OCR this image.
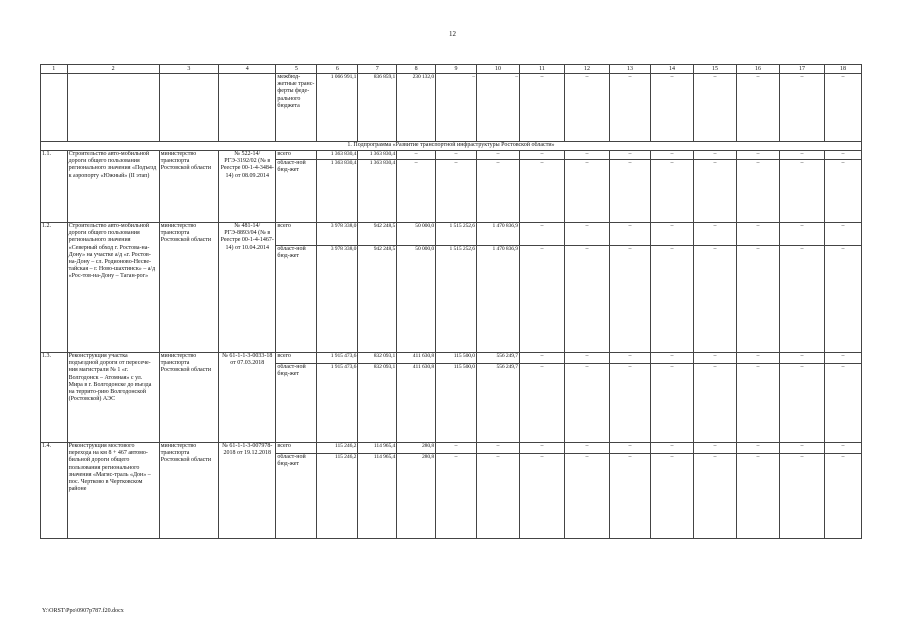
12
1	2	3	4	5	6	7	8	9	10	11	12	13	14	15	16	17	18
				межбюд-жетные транс-ферты феде-рального бюджета	1 066 991,1	836 859,1	230 132,0	–	–	–	–	–	–	–	–	–	–
1. Подпрограмма «Развитие транспортной инфраструктуры Ростовской области»																	
1.1.	Строительство авто-мобильной дороги общего пользования регионального значения «Подъезд к аэропорту «Южный» (II этап)	министерство транспорта Ростовской области	№ 522-14/РГЭ-3192/02 (№ в Реестре 00-1-4-3484-14) от 08.09.2014	всего	1 363 830,4	1 363 830,4	–	–	–	–	–	–	–	–	–	–	–
				област-ной бюд-жет	1 363 830,4	1 363 830,4	–	–	–	–	–	–	–	–	–	–	–
1.2.	Строительство авто-мобильной дороги общего пользования регионального значения «Северный обход г. Ростова-на-Дону» на участке а/д «г. Ростов-на-Дону – сл. Родионово-Несве-тайская – г. Ново-шахтинск» – а/д «Рос-тов-на-Дону – Таган-рог»	министерство транспорта Ростовской области	№ 481-14/РГЭ-8893/04 (№ в Реестре 00-1-4-1467-14) от 10.04.2014	всего	3 978 338,0	942 248,5	50 000,0	1 515 252,6	1 470 836,9	–	–	–	–	–	–	–	–
				област-ной бюд-жет	3 978 338,0	942 248,5	50 000,0	1 515 252,6	1 470 836,9	–	–	–	–	–	–	–	–
1.3.	Реконструкция участка подъездной дороги от пересече-ния магистрали № 1 «г. Волгодонск – Атомная» с ул. Мира в г. Волгодонске до въезда на террито-рию Волгодонской (Ростовской) АЭС	министерство транспорта Ростовской области	№ 61-1-1-3-0033-18 от 07.03.2018	всего	1 915 473,6	832 093,1	411 630,8	115 500,0	556 249,7	–	–	–	–	–	–	–	–
				област-ной бюд-жет	1 915 473,6	832 093,1	411 630,8	115 500,0	556 249,7	–	–	–	–	–	–	–	–
1.4.	Реконструкция мостового перехода на км 8 + 467 автомо-бильной дороги общего пользования регионального значения «Магис-траль «Дон» – пос. Чертково в Чертковском районе	министерство транспорта Ростовской области	№ 61-1-1-3-007978-2018 от 19.12.2018	всего	115 246,2	114 965,4	280,8	–	–	–	–	–	–	–	–	–	–
				област-ной бюд-жет	115 246,2	114 965,4	280,8	–	–	–	–	–	–	–	–	–	–
Y:\ORST\Ppo\0907p787.f20.docx
